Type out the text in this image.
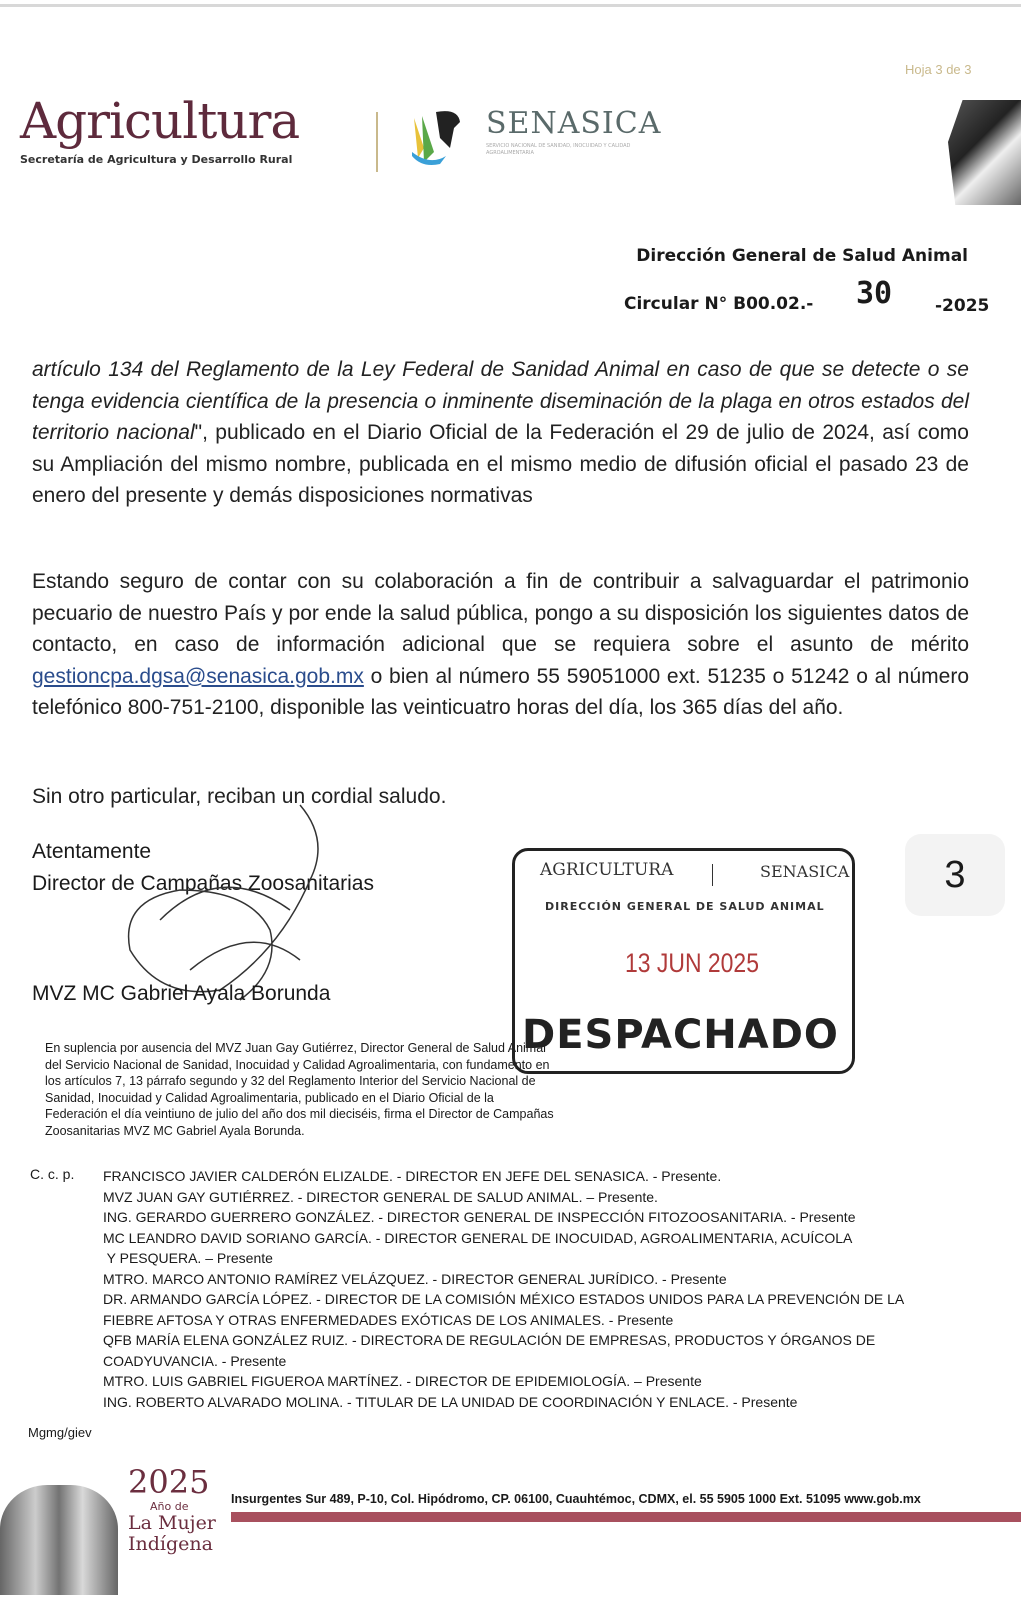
Hoja 3 de 3
Agricultura
Secretaría de Agricultura y Desarrollo Rural
SENASICA
SERVICIO NACIONAL DE SANIDAD, INOCUIDAD Y CALIDAD AGROALIMENTARIA
Dirección General de Salud Animal
Circular N° B00.02.- 30	-2025
artículo 134 del Reglamento de la Ley Federal de Sanidad Animal en caso de que se detecte o se tenga evidencia científica de la presencia o inminente diseminación de la plaga en otros estados del territorio nacional", publicado en el Diario Oficial de la Federación el 29 de julio de 2024, así como su Ampliación del mismo nombre, publicada en el mismo medio de difusión oficial el pasado 23 de enero del presente y demás disposiciones normativas
Estando seguro de contar con su colaboración a fin de contribuir a salvaguardar el patrimonio pecuario de nuestro País y por ende la salud pública, pongo a su disposición los siguientes datos de contacto, en caso de información adicional que se requiera sobre el asunto de mérito gestioncpa.dgsa@senasica.gob.mx o bien al número 55 59051000 ext. 51235 o 51242 o al número telefónico 800-751-2100, disponible las veinticuatro horas del día, los 365 días del año.
Sin otro particular, reciban un cordial saludo.
Atentamente
Director de Campañas Zoosanitarias
MVZ MC Gabriel Ayala Borunda
En suplencia por ausencia del MVZ Juan Gay Gutiérrez, Director General de Salud Animal del Servicio Nacional de Sanidad, Inocuidad y Calidad Agroalimentaria, con fundamento en los artículos 7, 13 párrafo segundo y 32 del Reglamento Interior del Servicio Nacional de Sanidad, Inocuidad y Calidad Agroalimentaria, publicado en el Diario Oficial de la Federación el día veintiuno de julio del año dos mil dieciséis, firma el Director de Campañas Zoosanitarias MVZ MC Gabriel Ayala Borunda.
AGRICULTURA	SENASICA
DIRECCIÓN GENERAL DE SALUD ANIMAL
13 JUN 2025
DESPACHADO
3
C. c. p. FRANCISCO JAVIER CALDERÓN ELIZALDE. - DIRECTOR EN JEFE DEL SENASICA. - Presente.
MVZ JUAN GAY GUTIÉRREZ. - DIRECTOR GENERAL DE SALUD ANIMAL. – Presente.
ING. GERARDO GUERRERO GONZÁLEZ. - DIRECTOR GENERAL DE INSPECCIÓN FITOZOOSANITARIA. - Presente
MC LEANDRO DAVID SORIANO GARCÍA. - DIRECTOR GENERAL DE INOCUIDAD, AGROALIMENTARIA, ACUÍCOLA
Y PESQUERA. – Presente
MTRO. MARCO ANTONIO RAMÍREZ VELÁZQUEZ. - DIRECTOR GENERAL JURÍDICO. - Presente
DR. ARMANDO GARCÍA LÓPEZ. - DIRECTOR DE LA COMISIÓN MÉXICO ESTADOS UNIDOS PARA LA PREVENCIÓN DE LA
FIEBRE AFTOSA Y OTRAS ENFERMEDADES EXÓTICAS DE LOS ANIMALES. - Presente
QFB MARÍA ELENA GONZÁLEZ RUIZ. - DIRECTORA DE REGULACIÓN DE EMPRESAS, PRODUCTOS Y ÓRGANOS DE
COADYUVANCIA. - Presente
MTRO. LUIS GABRIEL FIGUEROA MARTÍNEZ. - DIRECTOR DE EPIDEMIOLOGÍA. – Presente
ING. ROBERTO ALVARADO MOLINA. - TITULAR DE LA UNIDAD DE COORDINACIÓN Y ENLACE. - Presente
Mgmg/giev
2025
Año de
La Mujer
Indígena
Insurgentes Sur 489, P-10, Col. Hipódromo, CP. 06100, Cuauhtémoc, CDMX, el. 55 5905 1000 Ext. 51095 www.gob.mx
